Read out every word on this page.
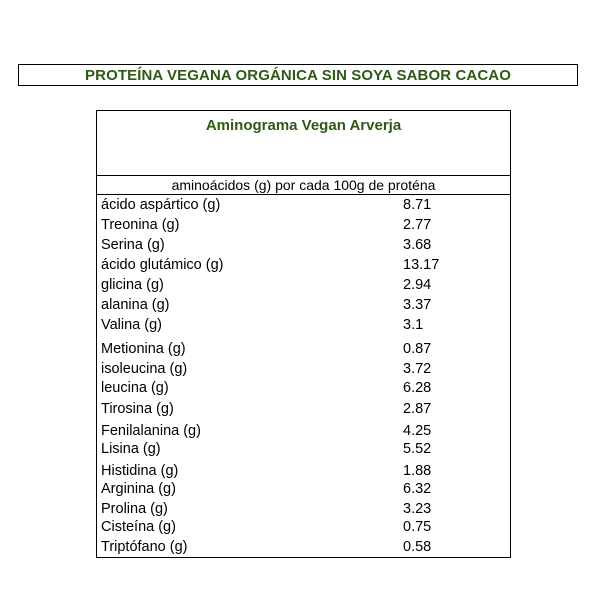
PROTEÍNA VEGANA ORGÁNICA SIN SOYA SABOR CACAO
Aminograma Vegan Arverja
aminoácidos (g) por cada 100g de proténa
ácido aspártico (g)	8.71
Treonina (g)	2.77
Serina (g)	3.68
ácido glutámico (g)	13.17
glicina (g)	2.94
alanina (g)	3.37
Valina (g)	3.1
Metionina (g)	0.87
isoleucina (g)	3.72
leucina (g)	6.28
Tirosina (g)	2.87
Fenilalanina (g)	4.25
Lisina (g)	5.52
Histidina (g)	1.88
Arginina (g)	6.32
Prolina (g)	3.23
Cisteína (g)	0.75
Triptófano (g)	0.58
